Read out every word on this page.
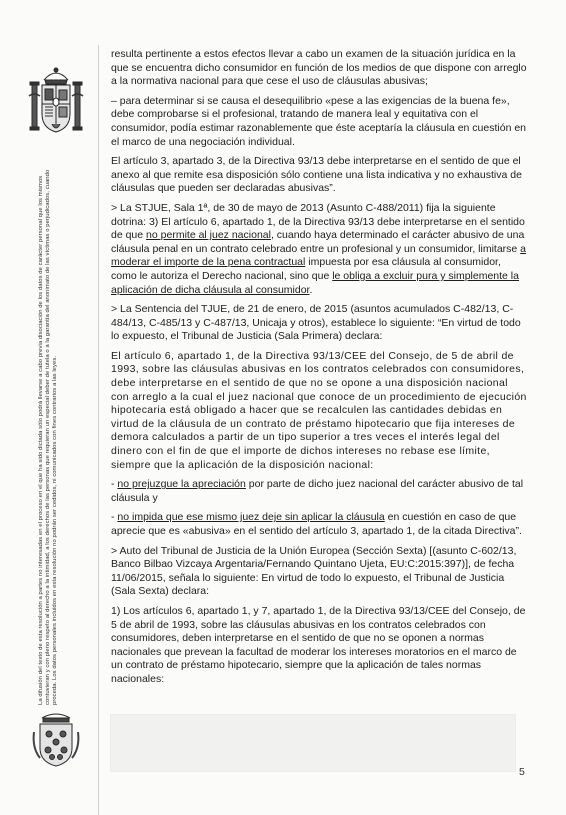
La difusión del texto de esta resolución a partes no interesadas en el proceso en el que ha sido dictada sólo podrá llevarse a cabo previa disociación de los datos de carácter personal que los mismos contuvieran y con pleno respeto al derecho a la intimidad, a los derechos de las personas que requieran un especial deber de tutela o a la garantía del anonimato de las víctimas o perjudicados, cuando proceda. Los datos personales incluidos en esta resolución no podrán ser cedidos, ni comunicados con fines contrarios a las leyes.

resulta pertinente a estos efectos llevar a cabo un examen de la situación jurídica en la que se encuentra dicho consumidor en función de los medios de que dispone con arreglo a la normativa nacional para que cese el uso de cláusulas abusivas;

– para determinar si se causa el desequilibrio «pese a las exigencias de la buena fe», debe comprobarse si el profesional, tratando de manera leal y equitativa con el consumidor, podía estimar razonablemente que éste aceptaría la cláusula en cuestión en el marco de una negociación individual.

El artículo 3, apartado 3, de la Directiva 93/13 debe interpretarse en el sentido de que el anexo al que remite esa disposición sólo contiene una lista indicativa y no exhaustiva de cláusulas que pueden ser declaradas abusivas”.

> La STJUE, Sala 1ª, de 30 de mayo de 2013 (Asunto C-488/2011) fija la siguiente dotrina: 3) El artículo 6, apartado 1, de la Directiva 93/13 debe interpretarse en el sentido de que no permite al juez nacional, cuando haya determinado el carácter abusivo de una cláusula penal en un contrato celebrado entre un profesional y un consumidor, limitarse a moderar el importe de la pena contractual impuesta por esa cláusula al consumidor, como le autoriza el Derecho nacional, sino que le obliga a excluir pura y simplemente la aplicación de dicha cláusula al consumidor.

> La Sentencia del TJUE, de 21 de enero, de 2015 (asuntos acumulados C-482/13, C-484/13, C-485/13 y C-487/13, Unicaja y otros), establece lo siguiente: “En virtud de todo lo expuesto, el Tribunal de Justicia (Sala Primera) declara:

El artículo 6, apartado 1, de la Directiva 93/13/CEE del Consejo, de 5 de abril de 1993, sobre las cláusulas abusivas en los contratos celebrados con consumidores, debe interpretarse en el sentido de que no se opone a una disposición nacional con arreglo a la cual el juez nacional que conoce de un procedimiento de ejecución hipotecaria está obligado a hacer que se recalculen las cantidades debidas en virtud de la cláusula de un contrato de préstamo hipotecario que fija intereses de demora calculados a partir de un tipo superior a tres veces el interés legal del dinero con el fin de que el importe de dichos intereses no rebase ese límite, siempre que la aplicación de la disposición nacional:

- no prejuzgue la apreciación por parte de dicho juez nacional del carácter abusivo de tal cláusula y

- no impida que ese mismo juez deje sin aplicar la cláusula en cuestión en caso de que aprecie que es «abusiva» en el sentido del artículo 3, apartado 1, de la citada Directiva”.

> Auto del Tribunal de Justicia de la Unión Europea (Sección Sexta) [(asunto C-602/13, Banco Bilbao Vizcaya Argentaria/Fernando Quintano Ujeta, EU:C:2015:397)], de fecha 11/06/2015, señala lo siguiente: En virtud de todo lo expuesto, el Tribunal de Justicia (Sala Sexta) declara:

1) Los artículos 6, apartado 1, y 7, apartado 1, de la Directiva 93/13/CEE del Consejo, de 5 de abril de 1993, sobre las cláusulas abusivas en los contratos celebrados con consumidores, deben interpretarse en el sentido de que no se oponen a normas nacionales que prevean la facultad de moderar los intereses moratorios en el marco de un contrato de préstamo hipotecario, siempre que la aplicación de tales normas nacionales:

5
